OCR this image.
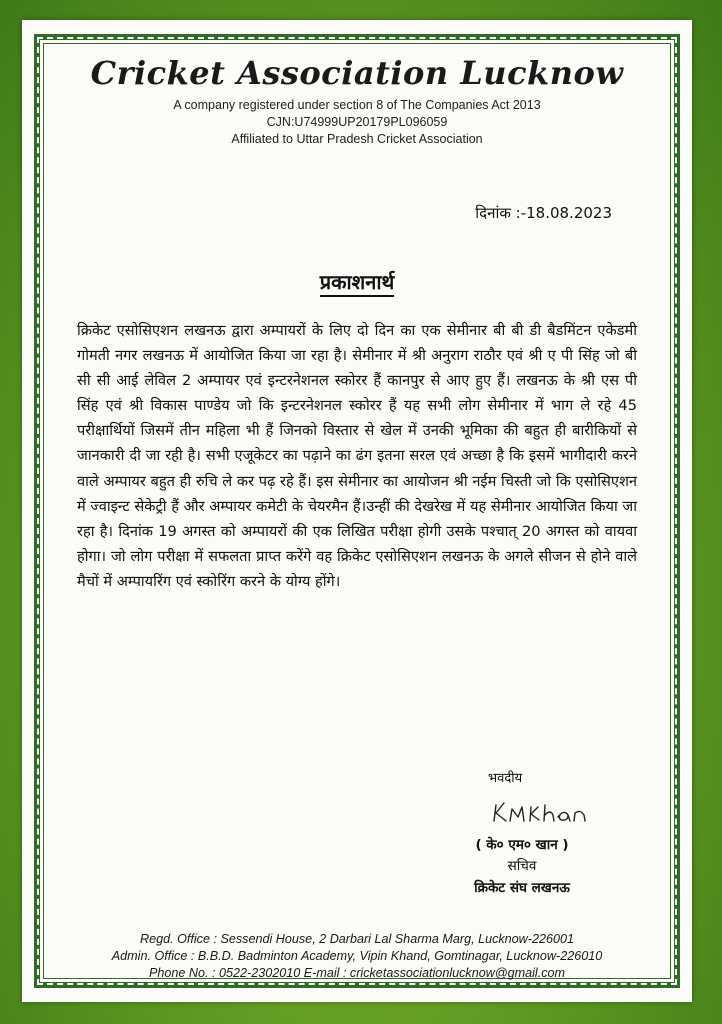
Cricket Association Lucknow
A company registered under section 8 of The Companies Act 2013
CJN:U74999UP20179PL096059
Affiliated to Uttar Pradesh Cricket Association
दिनांक :-18.08.2023
प्रकाशनार्थ
क्रिकेट एसोसिएशन लखनऊ द्वारा अम्पायरों के लिए दो दिन का एक सेमीनार बी बी डी बैडमिंटन एकेडमी गोमती नगर लखनऊ में आयोजित किया जा रहा है। सेमीनार में श्री अनुराग राठौर एवं श्री ए पी सिंह जो बी सी सी आई लेविल 2 अम्पायर एवं इन्टरनेशनल स्कोरर हैं कानपुर से आए हुए हैं। लखनऊ के श्री एस पी सिंह एवं श्री विकास पाण्डेय जो कि इन्टरनेशनल स्कोरर हैं यह सभी लोग सेमीनार में भाग ले रहे 45 परीक्षार्थियों जिसमें तीन महिला भी हैं जिनको विस्तार से खेल में उनकी भूमिका की बहुत ही बारीकियों से जानकारी दी जा रही है। सभी एजूकेटर का पढ़ाने का ढंग इतना सरल एवं अच्छा है कि इसमें भागीदारी करने वाले अम्पायर बहुत ही रुचि ले कर पढ़ रहे हैं। इस सेमीनार का आयोजन श्री नईम चिस्ती जो कि एसोसिएशन में ज्वाइन्ट सेकेट्री हैं और अम्पायर कमेटी के चेयरमैन हैं।उन्हीं की देखरेख में यह सेमीनार आयोजित किया जा रहा है। दिनांक 19 अगस्त को अम्पायरों की एक लिखित परीक्षा होगी उसके पश्चात् 20 अगस्त को वायवा होगा। जो लोग परीक्षा में सफलता प्राप्त करेंगे वह क्रिकेट एसोसिएशन लखनऊ के अगले सीजन से होने वाले मैचों में अम्पायरिंग एवं स्कोरिंग करने के योग्य होंगे।
भवदीय
( के० एम० खान )
सचिव
क्रिकेट संघ लखनऊ
Regd. Office : Sessendi House, 2 Darbari Lal Sharma Marg, Lucknow-226001
Admin. Office : B.B.D. Badminton Academy, Vipin Khand, Gomtinagar, Lucknow-226010
Phone No. : 0522-2302010 E-mail : cricketassociationlucknow@gmail.com
